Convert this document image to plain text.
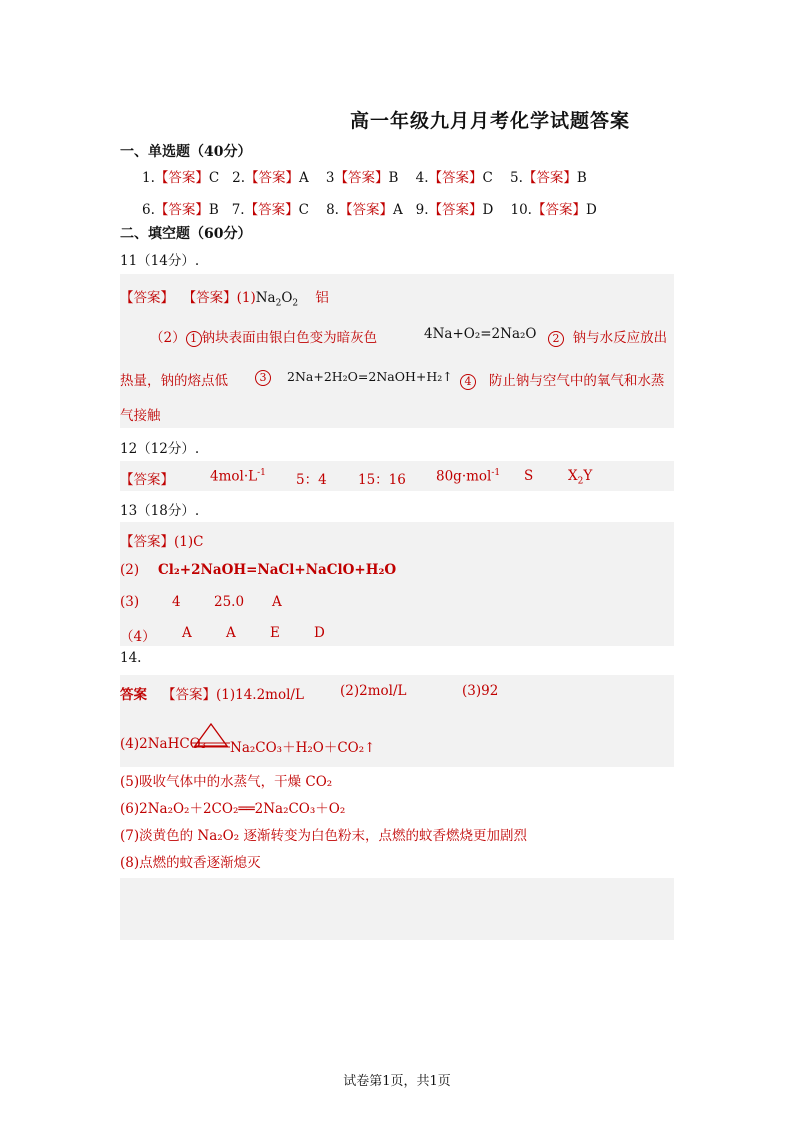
高一年级九月月考化学试题答案
一、单选题（40分）
1.【答案】C 2.【答案】A 3【答案】B 4.【答案】C 5.【答案】B
6.【答案】B 7.【答案】C 8.【答案】A 9.【答案】D 10.【答案】D
二、填空题（60分）
11（14分）.
【答案】 【答案】$(1)Na_2O_2$ 铝
（2） 1 钠块表面由银白色变为暗灰色	4Na+O₂=2Na₂O	2 钠与水反应放出
热量，钠的熔点低	3	2Na+2H₂O=2NaOH+H₂↑	4 防止钠与空气中的氧气和水蒸
气接触
12（12分）.
【答案】	$4mol\cdot L^{-1}$ 5：4 15：16 80g·mol$^{-1}$ S	$X_2Y$
13（18分）.
【答案】(1)C
(2) Cl₂+2NaOH=NaCl+NaClO+H₂O
(3) 4 25.0 A
（4） A	A	E	D
14.
答案 【答案】(1)14.2mol/L	(2)2mol/L	(3)92
(4)2NaHCO₃ Na₂CO₃＋H₂O＋CO₂↑
(5)吸收气体中的水蒸气，干燥 CO₂
(6)2Na₂O₂＋2CO₂══2Na₂CO₃＋O₂
(7)淡黄色的 Na₂O₂ 逐渐转变为白色粉末，点燃的蚊香燃烧更加剧烈
(8)点燃的蚊香逐渐熄灭
试卷第1页，共1页
